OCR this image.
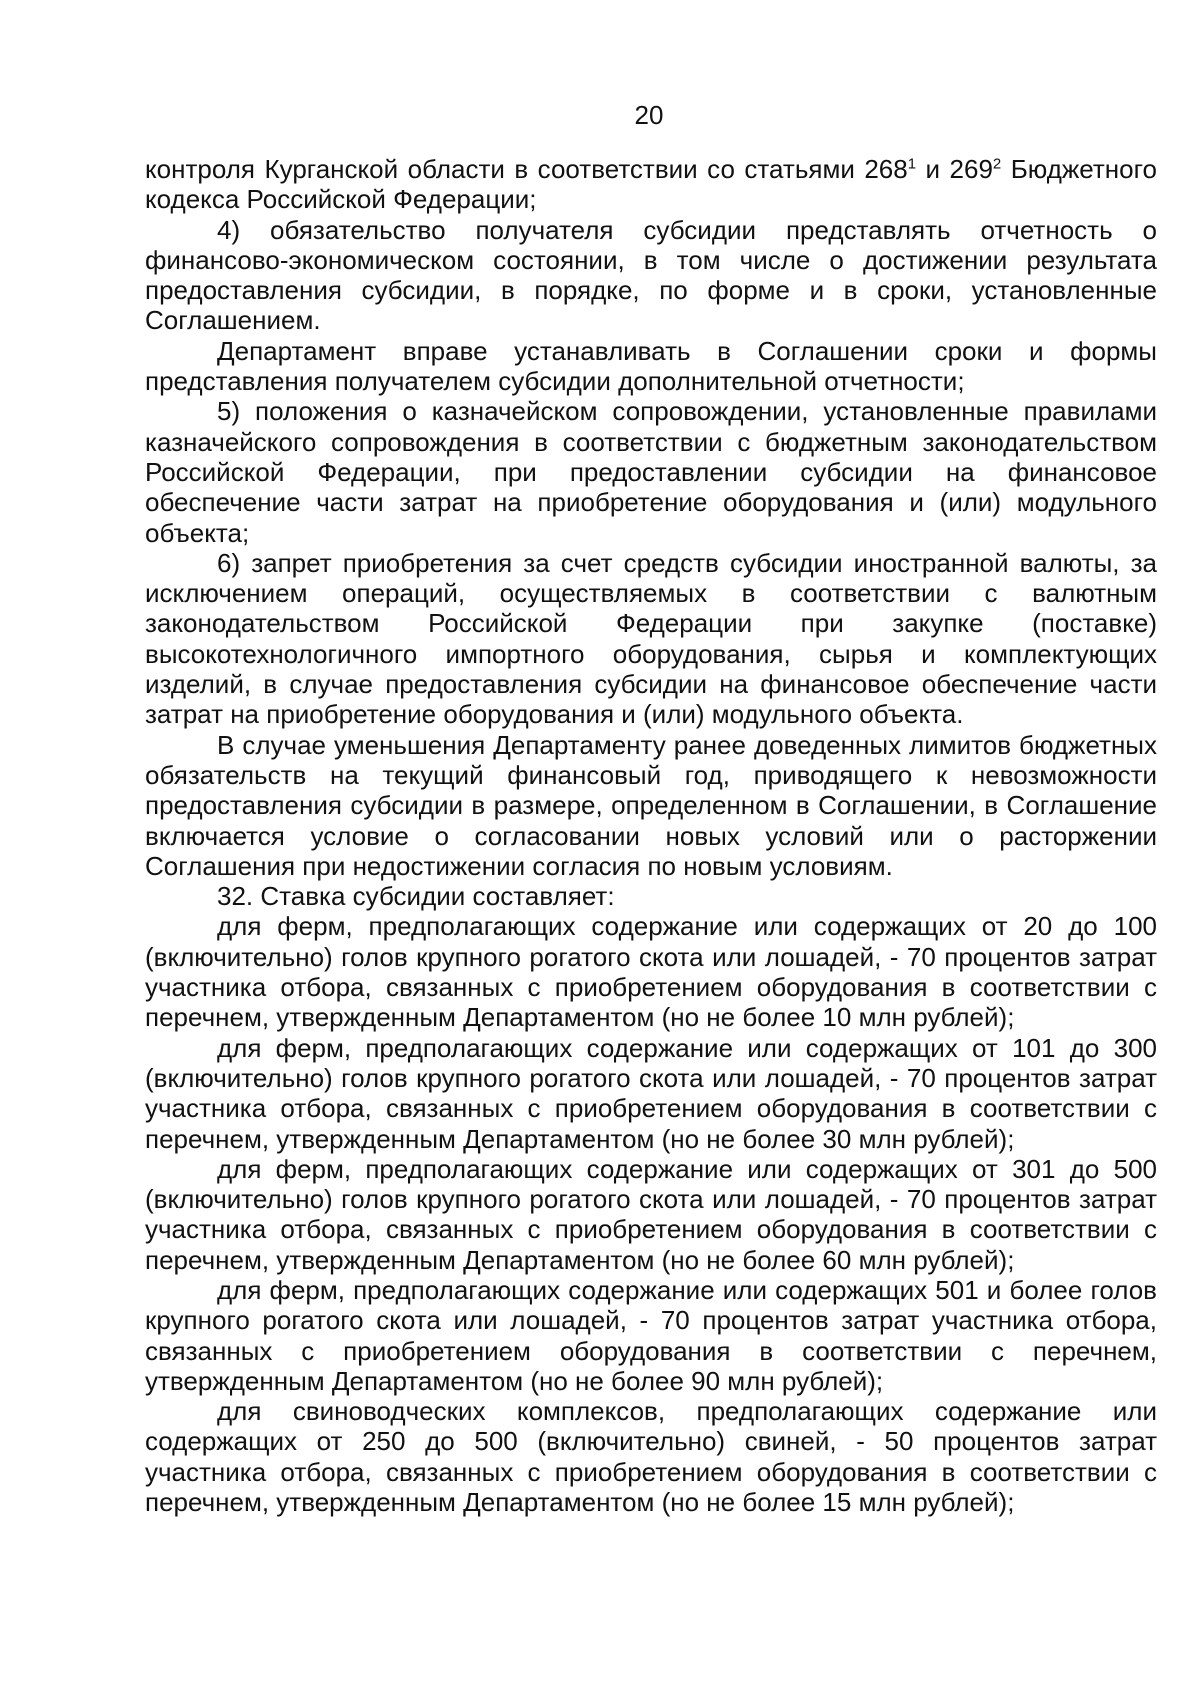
20

контроля Курганской области в соответствии со статьями $268^1$ и $269^2$ Бюджетного кодекса Российской Федерации;

4) обязательство получателя субсидии представлять отчетность о финансово-экономическом состоянии, в том числе о достижении результата предоставления субсидии, в порядке, по форме и в сроки, установленные Соглашением.

Департамент вправе устанавливать в Соглашении сроки и формы представления получателем субсидии дополнительной отчетности;

5) положения о казначейском сопровождении, установленные правилами казначейского сопровождения в соответствии с бюджетным законодательством Российской Федерации, при предоставлении субсидии на финансовое обеспечение части затрат на приобретение оборудования и (или) модульного объекта;

6) запрет приобретения за счет средств субсидии иностранной валюты, за исключением операций, осуществляемых в соответствии с валютным законодательством Российской Федерации при закупке (поставке) высокотехнологичного импортного оборудования, сырья и комплектующих изделий, в случае предоставления субсидии на финансовое обеспечение части затрат на приобретение оборудования и (или) модульного объекта.

В случае уменьшения Департаменту ранее доведенных лимитов бюджетных обязательств на текущий финансовый год, приводящего к невозможности предоставления субсидии в размере, определенном в Соглашении, в Соглашение включается условие о согласовании новых условий или о расторжении Соглашения при недостижении согласия по новым условиям.

32. Ставка субсидии составляет:

для ферм, предполагающих содержание или содержащих от 20 до 100 (включительно) голов крупного рогатого скота или лошадей, - 70 процентов затрат участника отбора, связанных с приобретением оборудования в соответствии с перечнем, утвержденным Департаментом (но не более 10 млн рублей);

для ферм, предполагающих содержание или содержащих от 101 до 300 (включительно) голов крупного рогатого скота или лошадей, - 70 процентов затрат участника отбора, связанных с приобретением оборудования в соответствии с перечнем, утвержденным Департаментом (но не более 30 млн рублей);

для ферм, предполагающих содержание или содержащих от 301 до 500 (включительно) голов крупного рогатого скота или лошадей, - 70 процентов затрат участника отбора, связанных с приобретением оборудования в соответствии с перечнем, утвержденным Департаментом (но не более 60 млн рублей);

для ферм, предполагающих содержание или содержащих 501 и более голов крупного рогатого скота или лошадей, - 70 процентов затрат участника отбора, связанных с приобретением оборудования в соответствии с перечнем, утвержденным Департаментом (но не более 90 млн рублей);

для свиноводческих комплексов, предполагающих содержание или содержащих от 250 до 500 (включительно) свиней, - 50 процентов затрат участника отбора, связанных с приобретением оборудования в соответствии с перечнем, утвержденным Департаментом (но не более 15 млн рублей);
